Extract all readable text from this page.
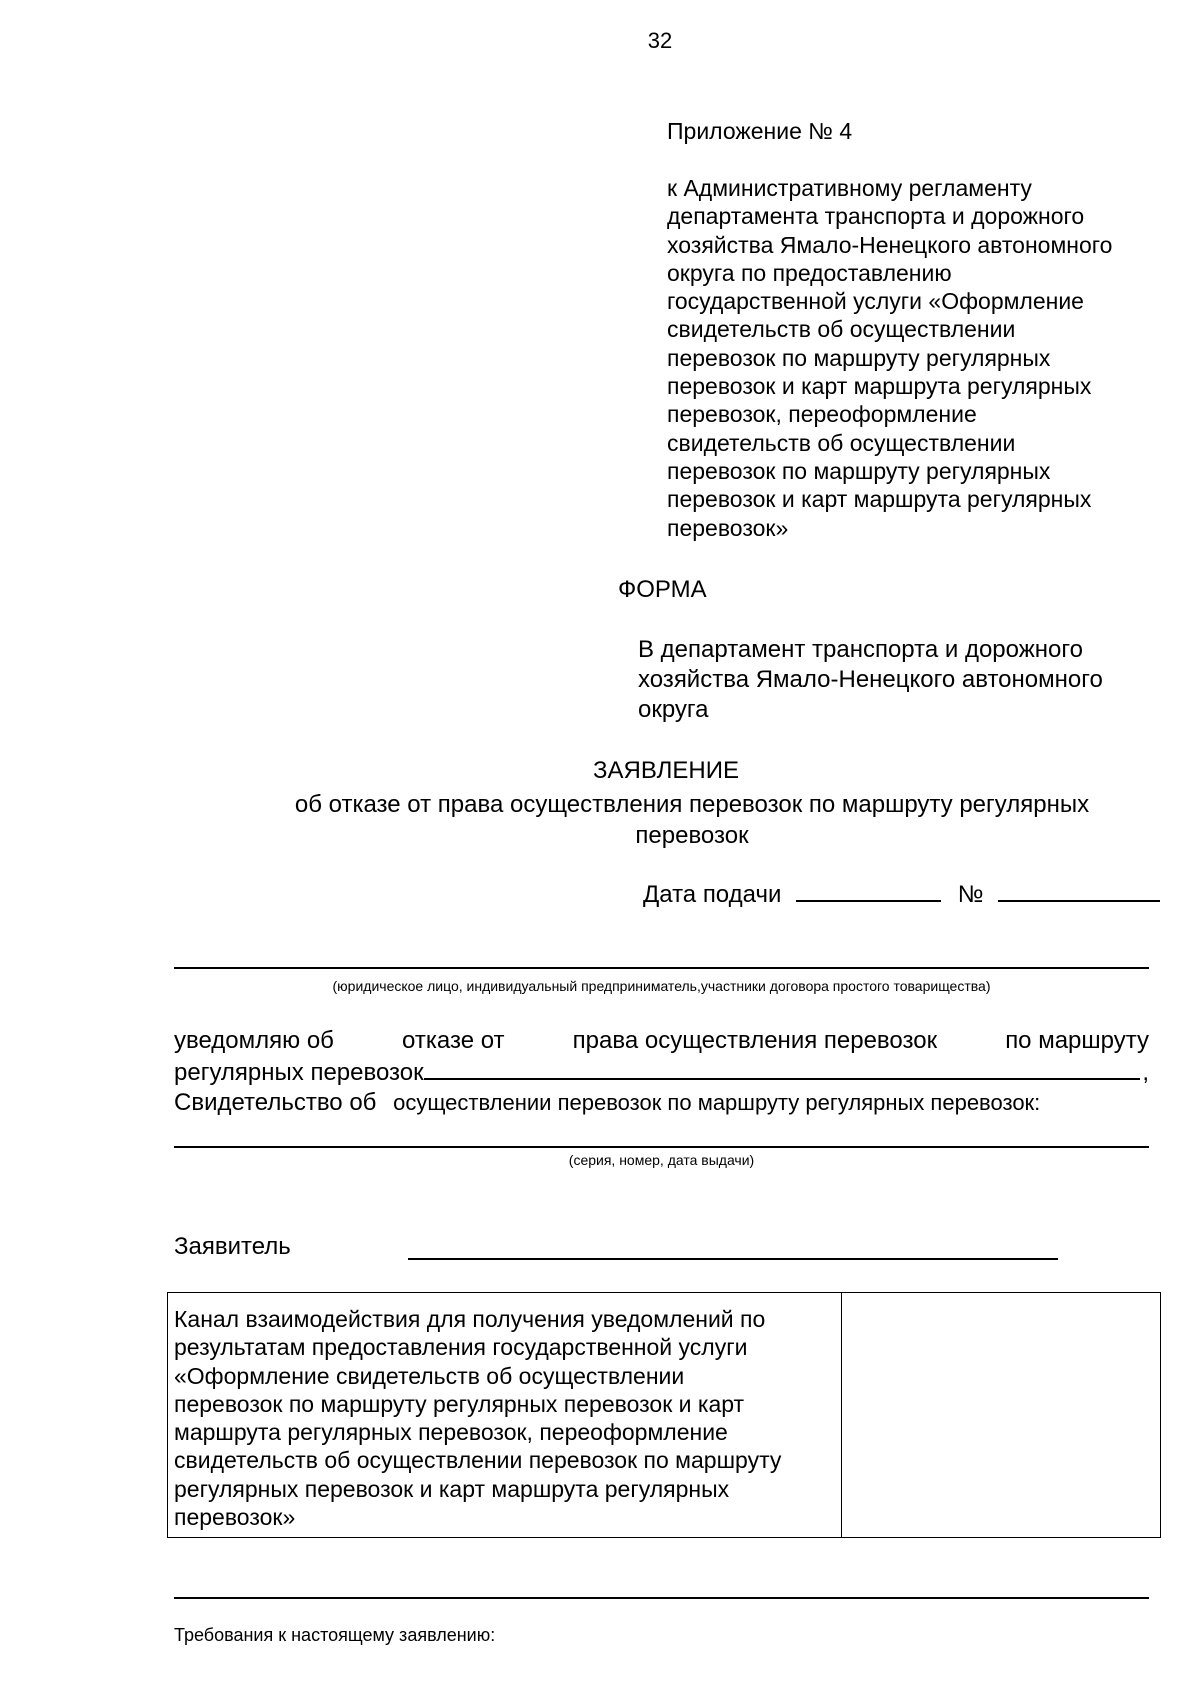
32
Приложение № 4
к Административному регламенту
департамента транспорта и дорожного
хозяйства Ямало-Ненецкого автономного
округа по предоставлению
государственной услуги «Оформление
свидетельств об осуществлении
перевозок по маршруту регулярных
перевозок и карт маршрута регулярных
перевозок, переоформление
свидетельств об осуществлении
перевозок по маршруту регулярных
перевозок и карт маршрута регулярных
перевозок»
ФОРМА
В департамент транспорта и дорожного
хозяйства Ямало-Ненецкого автономного
округа
ЗАЯВЛЕНИЕ
об отказе от права осуществления перевозок по маршруту регулярных
перевозок
Дата подачи	№
(юридическое лицо, индивидуальный предприниматель,участники договора простого товарищества)
уведомляю об	отказе от	права осуществления перевозок	по маршруту
регулярных перевозок	,
Свидетельство об осуществлении перевозок по маршруту регулярных перевозок:
(серия, номер, дата выдачи)
Заявитель
Канал взаимодействия для получения уведомлений по
результатам предоставления государственной услуги
«Оформление свидетельств об осуществлении
перевозок по маршруту регулярных перевозок и карт
маршрута регулярных перевозок, переоформление
свидетельств об осуществлении перевозок по маршруту
регулярных перевозок и карт маршрута регулярных
перевозок»
Требования к настоящему заявлению:
